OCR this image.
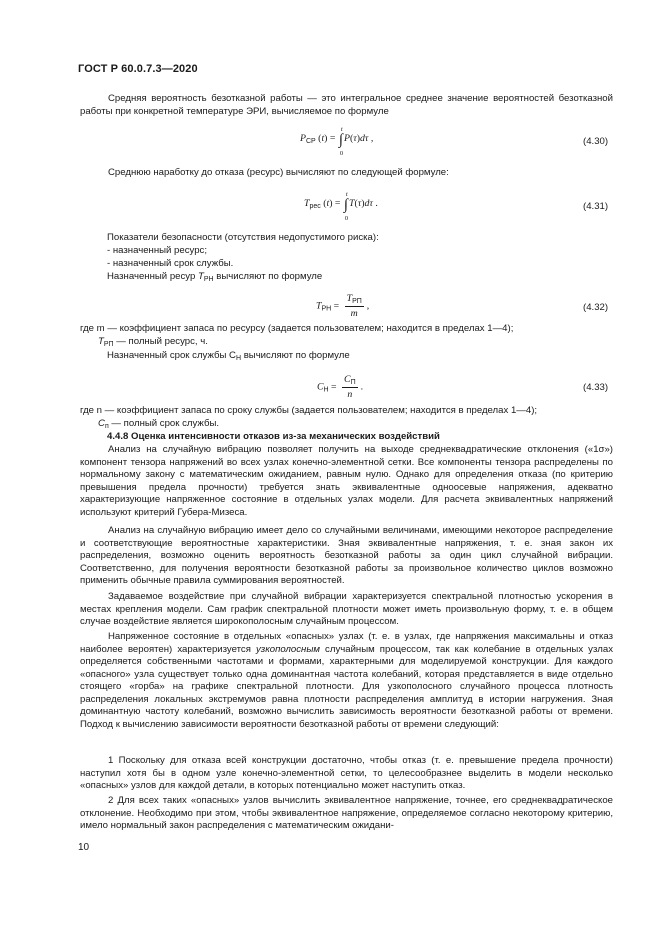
ГОСТ Р 60.0.7.3—2020
Средняя вероятность безотказной работы — это интегральное среднее значение вероятностей безотказной работы при конкретной температуре ЭРИ, вычисляемое по формуле
$P_{СР}$ (t) = ∫
t
0
P(τ)dτ ,	(4.30)
Среднюю наработку до отказа (ресурс) вычисляют по следующей формуле:
$T_{рес}$ (t) = ∫
t
0
T(τ)dτ .	(4.31)
Показатели безопасности (отсутствия недопустимого риска):
- назначенный ресурс;
- назначенный срок службы.
Назначенный ресур $T_{РН}$ вычисляют по формуле
$T_{РН} = \frac{T_{РП}}{m}$ ,	(4.32)
где m — коэффициент запаса по ресурсу (задается пользователем; находится в пределах 1—4);
$T_{РП}$ — полный ресурс, ч.
Назначенный срок службы $С_Н$ вычисляют по формуле
$C_Н = \frac{C_П}{n}$ .	(4.33)
где n — коэффициент запаса по сроку службы (задается пользователем; находится в пределах 1—4);
$C_п$ — полный срок службы.
4.4.8 Оценка интенсивности отказов из-за механических воздействий
Анализ на случайную вибрацию позволяет получить на выходе среднеквадратические отклонения («1σ») компонент тензора напряжений во всех узлах конечно-элементной сетки. Все компоненты тензора распределены по нормальному закону с математическим ожиданием, равным нулю. Однако для определения отказа (по критерию превышения предела прочности) требуется знать эквивалентные одноосевые напряжения, адекватно характеризующие напряженное состояние в отдельных узлах модели. Для расчета эквивалентных напряжений используют критерий Губера-Мизеса.
Анализ на случайную вибрацию имеет дело со случайными величинами, имеющими некоторое распределение и соответствующие вероятностные характеристики. Зная эквивалентные напряжения, т. е. зная закон их распределения, возможно оценить вероятность безотказной работы за один цикл случайной вибрации. Соответственно, для получения вероятности безотказной работы за произвольное количество циклов возможно применить обычные правила суммирования вероятностей.
Задаваемое воздействие при случайной вибрации характеризуется спектральной плотностью ускорения в местах крепления модели. Сам график спектральной плотности может иметь произвольную форму, т. е. в общем случае воздействие является широкополосным случайным процессом.
Напряженное состояние в отдельных «опасных» узлах (т. е. в узлах, где напряжения максимальны и отказ наиболее вероятен) характеризуется узкополосным случайным процессом, так как колебание в отдельных узлах определяется собственными частотами и формами, характерными для моделируемой конструкции. Для каждого «опасного» узла существует только одна доминантная частота колебаний, которая представляется в виде отдельно стоящего «горба» на графике спектральной плотности. Для узкополосного случайного процесса плотность распределения локальных экстремумов равна плотности распределения амплитуд в истории нагружения. Зная доминантную частоту колебаний, возможно вычислить зависимость вероятности безотказной работы от времени. Подход к вычислению зависимости вероятности безотказной работы от времени следующий:
1 Поскольку для отказа всей конструкции достаточно, чтобы отказ (т. е. превышение предела прочности) наступил хотя бы в одном узле конечно-элементной сетки, то целесообразнее выделить в модели несколько «опасных» узлов для каждой детали, в которых потенциально может наступить отказ.
2 Для всех таких «опасных» узлов вычислить эквивалентное напряжение, точнее, его среднеквадратическое отклонение. Необходимо при этом, чтобы эквивалентное напряжение, определяемое согласно некоторому критерию, имело нормальный закон распределения с математическим ожидани-
10
